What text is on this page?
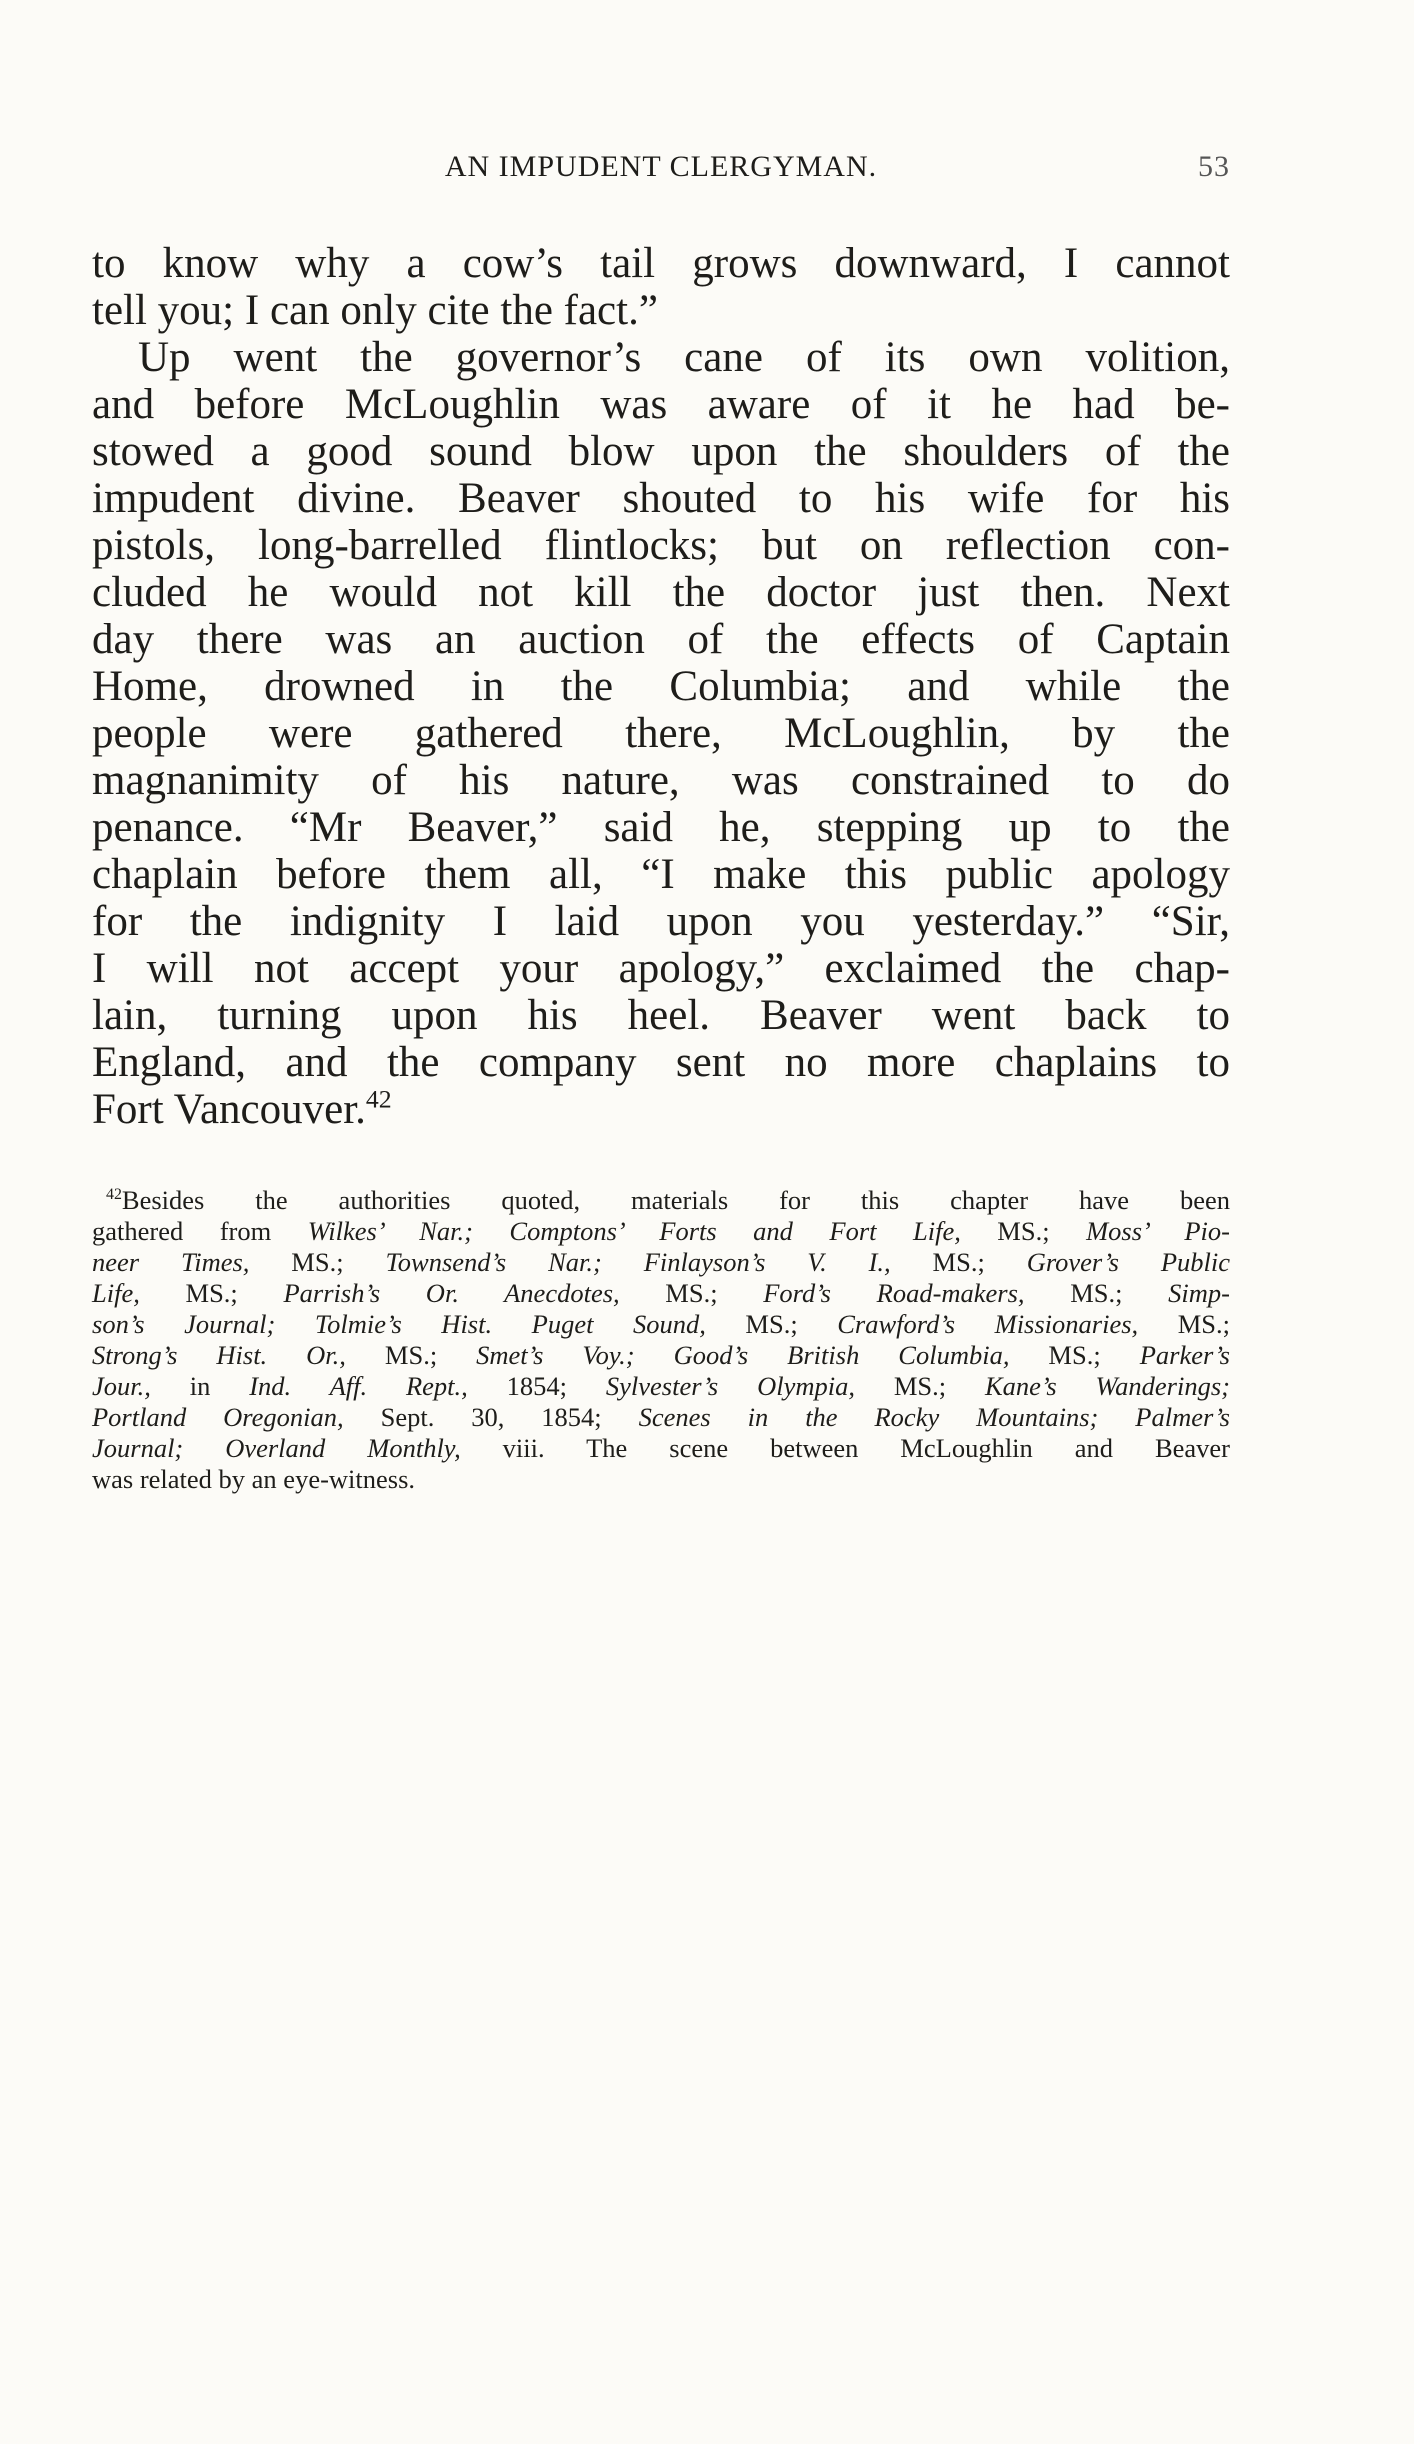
AN IMPUDENT CLERGYMAN.	53
to know why a cow’s tail grows downward, I cannot
tell you; I can only cite the fact.”
Up went the governor’s cane of its own volition,
and before McLoughlin was aware of it he had be-
stowed a good sound blow upon the shoulders of the
impudent divine. Beaver shouted to his wife for his
pistols, long-barrelled flintlocks; but on reflection con-
cluded he would not kill the doctor just then. Next
day there was an auction of the effects of Captain
Home, drowned in the Columbia; and while the
people were gathered there, McLoughlin, by the
magnanimity of his nature, was constrained to do
penance. “Mr Beaver,” said he, stepping up to the
chaplain before them all, “I make this public apology
for the indignity I laid upon you yesterday.” “Sir,
I will not accept your apology,” exclaimed the chap-
lain, turning upon his heel. Beaver went back to
England, and the company sent no more chaplains to
Fort Vancouver.$^{42}$
$^{42}$Besides the authorities quoted, materials for this chapter have been
gathered from Wilkes’ Nar.; Comptons’ Forts and Fort Life, MS.; Moss’ Pio-
neer Times, MS.; Townsend’s Nar.; Finlayson’s V. I., MS.; Grover’s Public
Life, MS.; Parrish’s Or. Anecdotes, MS.; Ford’s Road-makers, MS.; Simp-
son’s Journal; Tolmie’s Hist. Puget Sound, MS.; Crawford’s Missionaries, MS.;
Strong’s Hist. Or., MS.; Smet’s Voy.; Good’s British Columbia, MS.; Parker’s
Jour., in Ind. Aff. Rept., 1854; Sylvester’s Olympia, MS.; Kane’s Wanderings;
Portland Oregonian, Sept. 30, 1854; Scenes in the Rocky Mountains; Palmer’s
Journal; Overland Monthly, viii. The scene between McLoughlin and Beaver
was related by an eye-witness.
